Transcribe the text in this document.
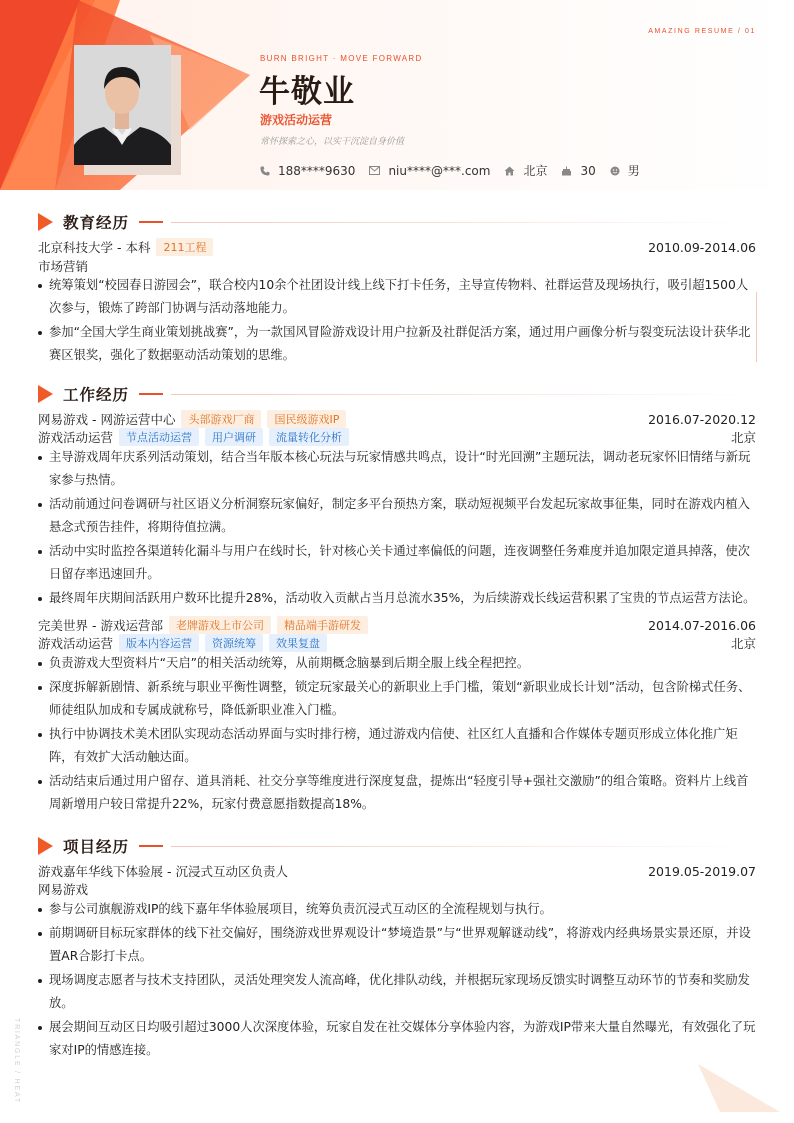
AMAZING RESUME / 01
BURN BRIGHT · MOVE FORWARD
牛敬业
游戏活动运营
常怀探索之心，以实干沉淀自身价值
188****9630	niu****@***.com	北京	30	男
教育经历
北京科技大学 - 本科	211工程	2010.09-2014.06
市场营销
统筹策划“校园春日游园会”，联合校内10余个社团设计线上线下打卡任务，主导宣传物料、社群运营及现场执行，吸引超1500人次参与，锻炼了跨部门协调与活动落地能力。
参加“全国大学生商业策划挑战赛”，为一款国风冒险游戏设计用户拉新及社群促活方案，通过用户画像分析与裂变玩法设计获华北赛区银奖，强化了数据驱动活动策划的思维。
工作经历
网易游戏 - 网游运营中心	头部游戏厂商	国民级游戏IP	2016.07-2020.12
游戏活动运营	节点活动运营	用户调研	流量转化分析	北京
主导游戏周年庆系列活动策划，结合当年版本核心玩法与玩家情感共鸣点，设计“时光回溯”主题玩法，调动老玩家怀旧情绪与新玩家参与热情。
活动前通过问卷调研与社区语义分析洞察玩家偏好，制定多平台预热方案，联动短视频平台发起玩家故事征集，同时在游戏内植入悬念式预告挂件，将期待值拉满。
活动中实时监控各渠道转化漏斗与用户在线时长，针对核心关卡通过率偏低的问题，连夜调整任务难度并追加限定道具掉落，使次日留存率迅速回升。
最终周年庆期间活跃用户数环比提升28%，活动收入贡献占当月总流水35%，为后续游戏长线运营积累了宝贵的节点运营方法论。
完美世界 - 游戏运营部	老牌游戏上市公司	精品端手游研发	2014.07-2016.06
游戏活动运营	版本内容运营	资源统筹	效果复盘	北京
负责游戏大型资料片“天启”的相关活动统筹，从前期概念脑暴到后期全服上线全程把控。
深度拆解新剧情、新系统与职业平衡性调整，锁定玩家最关心的新职业上手门槛，策划“新职业成长计划”活动，包含阶梯式任务、师徒组队加成和专属成就称号，降低新职业准入门槛。
执行中协调技术美术团队实现动态活动界面与实时排行榜，通过游戏内信使、社区红人直播和合作媒体专题页形成立体化推广矩阵，有效扩大活动触达面。
活动结束后通过用户留存、道具消耗、社交分享等维度进行深度复盘，提炼出“轻度引导+强社交激励”的组合策略。资料片上线首周新增用户较日常提升22%，玩家付费意愿指数提高18%。
项目经历
游戏嘉年华线下体验展 - 沉浸式互动区负责人	2019.05-2019.07
网易游戏
参与公司旗舰游戏IP的线下嘉年华体验展项目，统筹负责沉浸式互动区的全流程规划与执行。
前期调研目标玩家群体的线下社交偏好，围绕游戏世界观设计“梦境造景”与“世界观解谜动线”，将游戏内经典场景实景还原，并设置AR合影打卡点。
现场调度志愿者与技术支持团队，灵活处理突发人流高峰，优化排队动线，并根据玩家现场反馈实时调整互动环节的节奏和奖励发放。
展会期间互动区日均吸引超过3000人次深度体验，玩家自发在社交媒体分享体验内容，为游戏IP带来大量自然曝光，有效强化了玩家对IP的情感连接。
TRIANGLE / HEAT
